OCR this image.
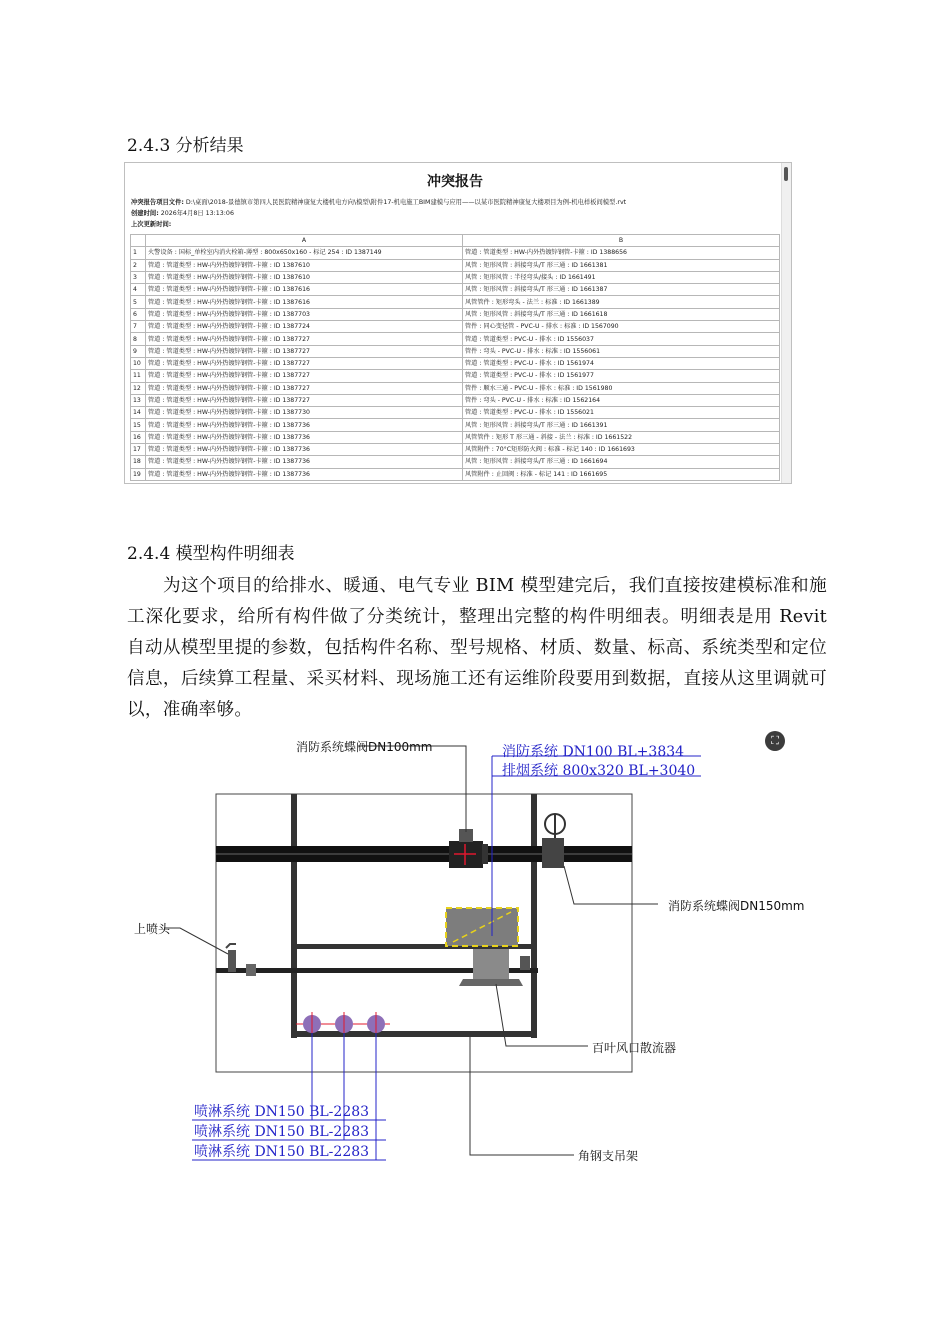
2.4.3 分析结果
冲突报告
冲突报告项目文件: D:\桌面\2018-景德镇市第四人民医院精神康复大楼机电方向\模型\附件17-机电施工BIM建模与应用——以某市医院精神康复大楼项目为例-机电样板间模型.rvt
创建时间: 2026年4月8日 13:13:06
上次更新时间:
	A	B
1	火警设备 : 国标_单栓室内消火栓箱-薄型 : 800x650x160 - 标记 254 : ID 1387149	管道 : 管道类型 : HW-内外热镀锌钢管-卡箍 : ID 1388656
2	管道 : 管道类型 : HW-内外热镀锌钢管-卡箍 : ID 1387610	风管 : 矩形风管 : 斜接弯头/T 形三通 : ID 1661381
3	管道 : 管道类型 : HW-内外热镀锌钢管-卡箍 : ID 1387610	风管 : 矩形风管 : 半径弯头/接头 : ID 1661491
4	管道 : 管道类型 : HW-内外热镀锌钢管-卡箍 : ID 1387616	风管 : 矩形风管 : 斜接弯头/T 形三通 : ID 1661387
5	管道 : 管道类型 : HW-内外热镀锌钢管-卡箍 : ID 1387616	风管管件 : 矩形弯头 - 法兰 : 标准 : ID 1661389
6	管道 : 管道类型 : HW-内外热镀锌钢管-卡箍 : ID 1387703	风管 : 矩形风管 : 斜接弯头/T 形三通 : ID 1661618
7	管道 : 管道类型 : HW-内外热镀锌钢管-卡箍 : ID 1387724	管件 : 同心变径管 - PVC-U - 排水 : 标准 : ID 1567090
8	管道 : 管道类型 : HW-内外热镀锌钢管-卡箍 : ID 1387727	管道 : 管道类型 : PVC-U - 排水 : ID 1556037
9	管道 : 管道类型 : HW-内外热镀锌钢管-卡箍 : ID 1387727	管件 : 弯头 - PVC-U - 排水 : 标准 : ID 1556061
10	管道 : 管道类型 : HW-内外热镀锌钢管-卡箍 : ID 1387727	管道 : 管道类型 : PVC-U - 排水 : ID 1561974
11	管道 : 管道类型 : HW-内外热镀锌钢管-卡箍 : ID 1387727	管道 : 管道类型 : PVC-U - 排水 : ID 1561977
12	管道 : 管道类型 : HW-内外热镀锌钢管-卡箍 : ID 1387727	管件 : 顺水三通 - PVC-U - 排水 : 标准 : ID 1561980
13	管道 : 管道类型 : HW-内外热镀锌钢管-卡箍 : ID 1387727	管件 : 弯头 - PVC-U - 排水 : 标准 : ID 1562164
14	管道 : 管道类型 : HW-内外热镀锌钢管-卡箍 : ID 1387730	管道 : 管道类型 : PVC-U - 排水 : ID 1556021
15	管道 : 管道类型 : HW-内外热镀锌钢管-卡箍 : ID 1387736	风管 : 矩形风管 : 斜接弯头/T 形三通 : ID 1661391
16	管道 : 管道类型 : HW-内外热镀锌钢管-卡箍 : ID 1387736	风管管件 : 矩形 T 形三通 - 斜接 - 法兰 : 标准 : ID 1661522
17	管道 : 管道类型 : HW-内外热镀锌钢管-卡箍 : ID 1387736	风管附件 : 70°C矩形防火阀 : 标准 - 标记 140 : ID 1661693
18	管道 : 管道类型 : HW-内外热镀锌钢管-卡箍 : ID 1387736	风管 : 矩形风管 : 斜接弯头/T 形三通 : ID 1661694
19	管道 : 管道类型 : HW-内外热镀锌钢管-卡箍 : ID 1387736	风管附件 : 止回阀 : 标准 - 标记 141 : ID 1661695
2.4.4 模型构件明细表
为这个项目的给排水、暖通、电气专业 BIM 模型建完后，我们直接按建模标准和施工深化要求，给所有构件做了分类统计，整理出完整的构件明细表。明细表是用 Revit 自动从模型里提的参数，包括构件名称、型号规格、材质、数量、标高、系统类型和定位信息，后续算工程量、采买材料、现场施工还有运维阶段要用到数据，直接从这里调就可以，准确率够。
消防系统蝶阀DN100mm	消防系统 DN100 BL+3834
排烟系统 800x320 BL+3040
消防系统蝶阀DN150mm
上喷头
百叶风口散流器
角钢支吊架
喷淋系统 DN150 BL-2283
喷淋系统 DN150 BL-2283
喷淋系统 DN150 BL-2283
⛶
